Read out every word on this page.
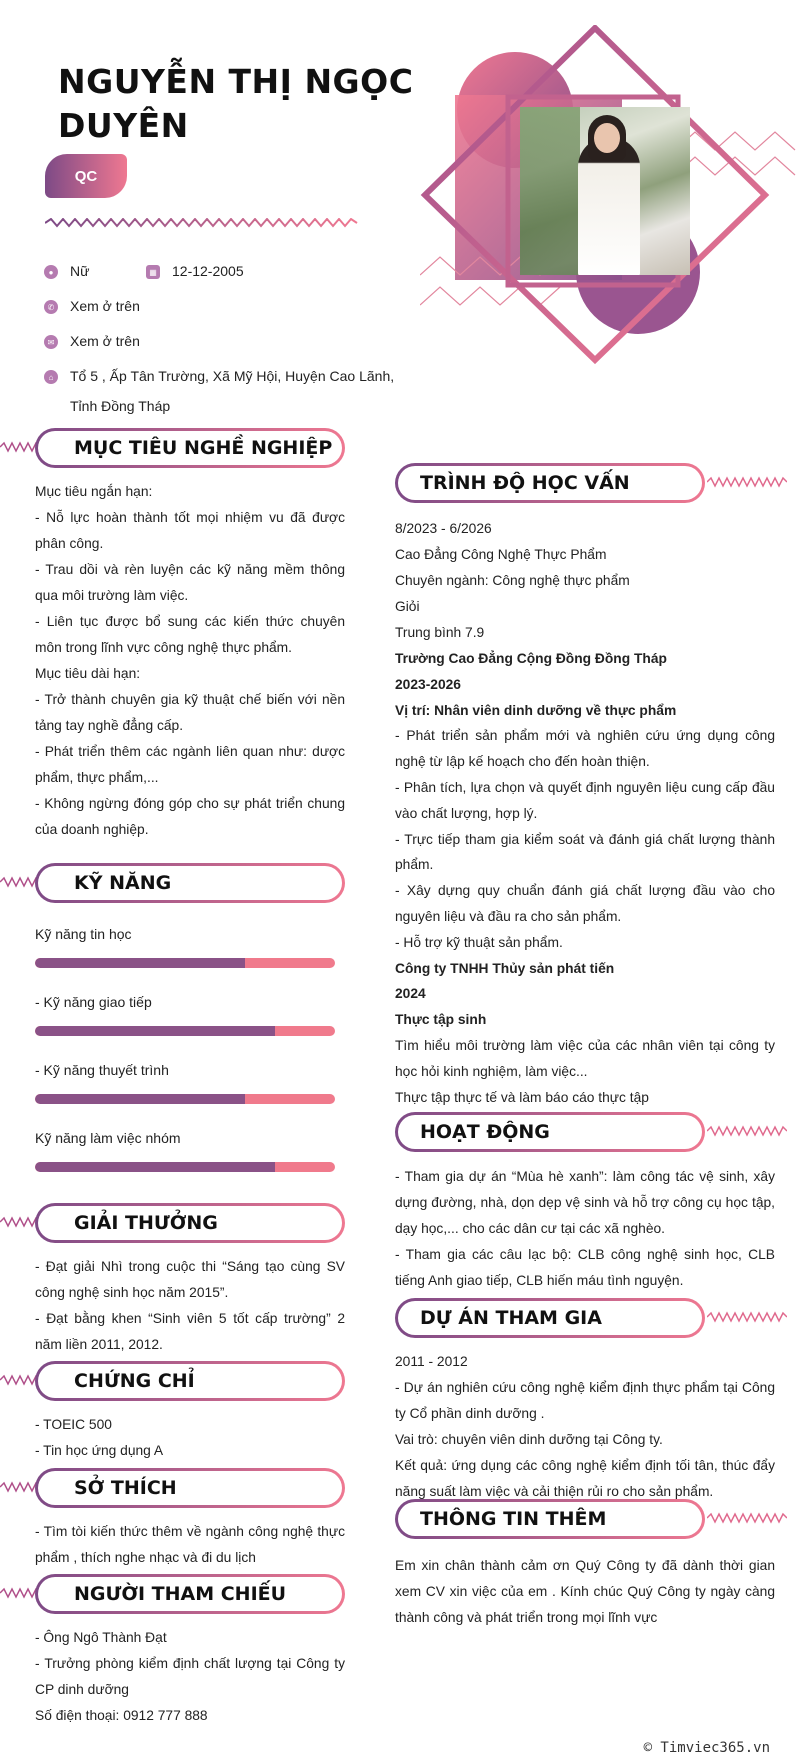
NGUYỄN THỊ NGỌC DUYÊN
QC
●	Nữ	▦ 12-12-2005
✆ Xem ở trên
✉ Xem ở trên
⌂	Tổ 5 , Ấp Tân Trường, Xã Mỹ Hội, Huyện Cao Lãnh, Tỉnh Đồng Tháp
MỤC TIÊU NGHỀ NGHIỆP

Mục tiêu ngắn hạn:

- Nỗ lực hoàn thành tốt mọi nhiệm vu đã được phân công.

- Trau dồi và rèn luyện các kỹ năng mềm thông qua môi trường làm việc.

- Liên tục được bổ sung các kiến thức chuyên môn trong lĩnh vực công nghệ thực phẩm.

Mục tiêu dài hạn:

- Trở thành chuyên gia kỹ thuật chế biến với nền tảng tay nghề đẳng cấp.

- Phát triển thêm các ngành liên quan như: dược phẩm, thực phẩm,...

- Không ngừng đóng góp cho sự phát triển chung của doanh nghiệp.

KỸ NĂNG
Kỹ năng tin học
- Kỹ năng giao tiếp
- Kỹ năng thuyết trình
Kỹ năng làm việc nhóm
GIẢI THƯỞNG

- Đạt giải Nhì trong cuộc thi “Sáng tạo cùng SV công nghệ sinh học năm 2015”.

- Đạt bằng khen “Sinh viên 5 tốt cấp trường” 2 năm liền 2011, 2012.

CHỨNG CHỈ

- TOEIC 500

- Tin học ứng dụng A

SỞ THÍCH

- Tìm tòi kiến thức thêm về ngành công nghệ thực phẩm , thích nghe nhạc và đi du lịch

NGƯỜI THAM CHIẾU

- Ông Ngô Thành Đạt

- Trưởng phòng kiểm định chất lượng tại Công ty CP dinh dưỡng

Số điện thoại: 0912 777 888

TRÌNH ĐỘ HỌC VẤN

8/2023 - 6/2026

Cao Đẳng Công Nghệ Thực Phẩm

Chuyên ngành: Công nghệ thực phẩm

Giỏi

Trung bình 7.9

Trường Cao Đẳng Cộng Đồng Đồng Tháp

2023-2026

Vị trí: Nhân viên dinh dưỡng về thực phẩm

- Phát triển sản phẩm mới và nghiên cứu ứng dụng công nghệ từ lập kế hoạch cho đến hoàn thiện.

- Phân tích, lựa chọn và quyết định nguyên liệu cung cấp đầu vào chất lượng, hợp lý.

- Trực tiếp tham gia kiểm soát và đánh giá chất lượng thành phẩm.

- Xây dựng quy chuẩn đánh giá chất lượng đầu vào cho nguyên liệu và đầu ra cho sản phẩm.

- Hỗ trợ kỹ thuật sản phẩm.

Công ty TNHH Thủy sản phát tiến

2024

Thực tập sinh

Tìm hiểu môi trường làm việc của các nhân viên tại công ty học hỏi kinh nghiệm, làm việc...

Thực tập thực tế và làm báo cáo thực tập

HOẠT ĐỘNG

- Tham gia dự án “Mùa hè xanh”: làm công tác vệ sinh, xây dựng đường, nhà, dọn dẹp vệ sinh và hỗ trợ công cụ học tập, dạy học,... cho các dân cư tại các xã nghèo.

- Tham gia các câu lạc bộ: CLB công nghệ sinh học, CLB tiếng Anh giao tiếp, CLB hiến máu tình nguyện.

DỰ ÁN THAM GIA

2011 - 2012

- Dự án nghiên cứu công nghệ kiểm định thực phẩm tại Công ty Cổ phần dinh dưỡng .

Vai trò: chuyên viên dinh dưỡng tại Công ty.

Kết quả: ứng dụng các công nghệ kiểm định tối tân, thúc đẩy năng suất làm việc và cải thiện rủi ro cho sản phẩm.

THÔNG TIN THÊM

Em xin chân thành cảm ơn Quý Công ty đã dành thời gian xem CV xin việc của em . Kính chúc Quý Công ty ngày càng thành công và phát triển trong mọi lĩnh vực

© Timviec365.vn
